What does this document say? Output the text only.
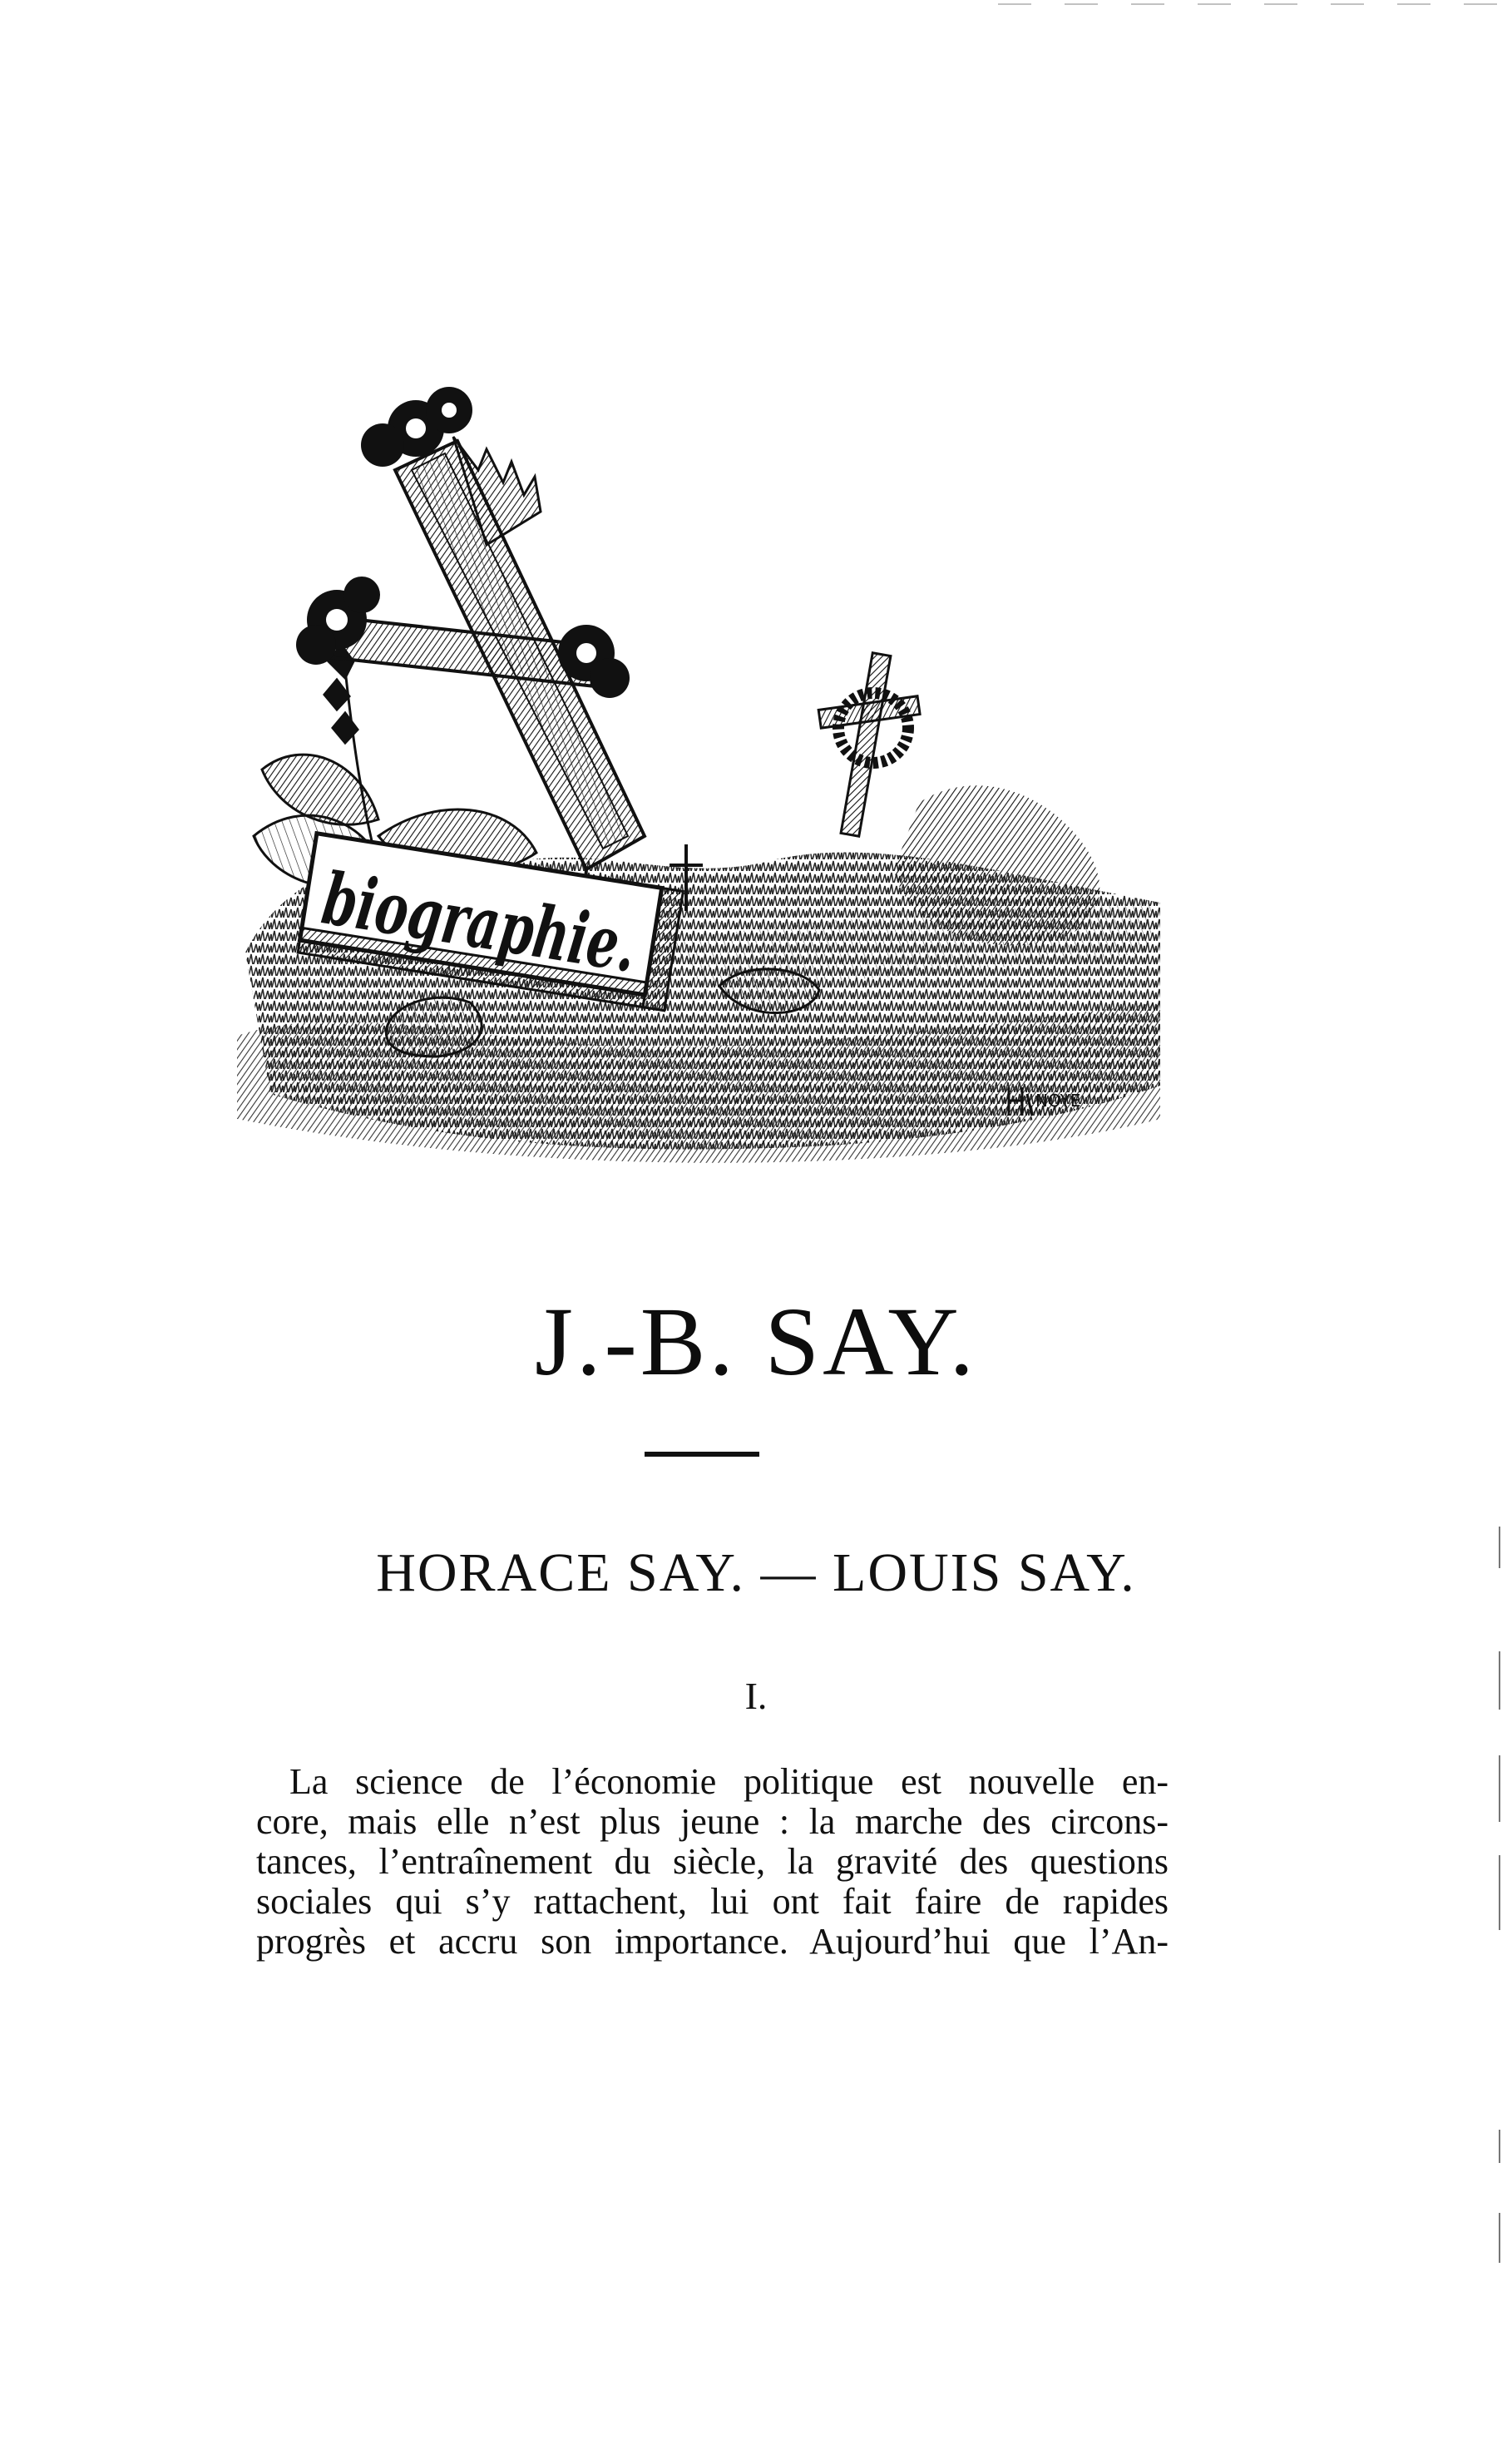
biographie.
NOYE
J.-B. SAY.
HORACE SAY. — LOUIS SAY.
I.
La science de l’économie politique est nouvelle en-
core, mais elle n’est plus jeune : la marche des circons-
tances, l’entraînement du siècle, la gravité des questions
sociales qui s’y rattachent, lui ont fait faire de rapides
progrès et accru son importance. Aujourd’hui que l’An-
